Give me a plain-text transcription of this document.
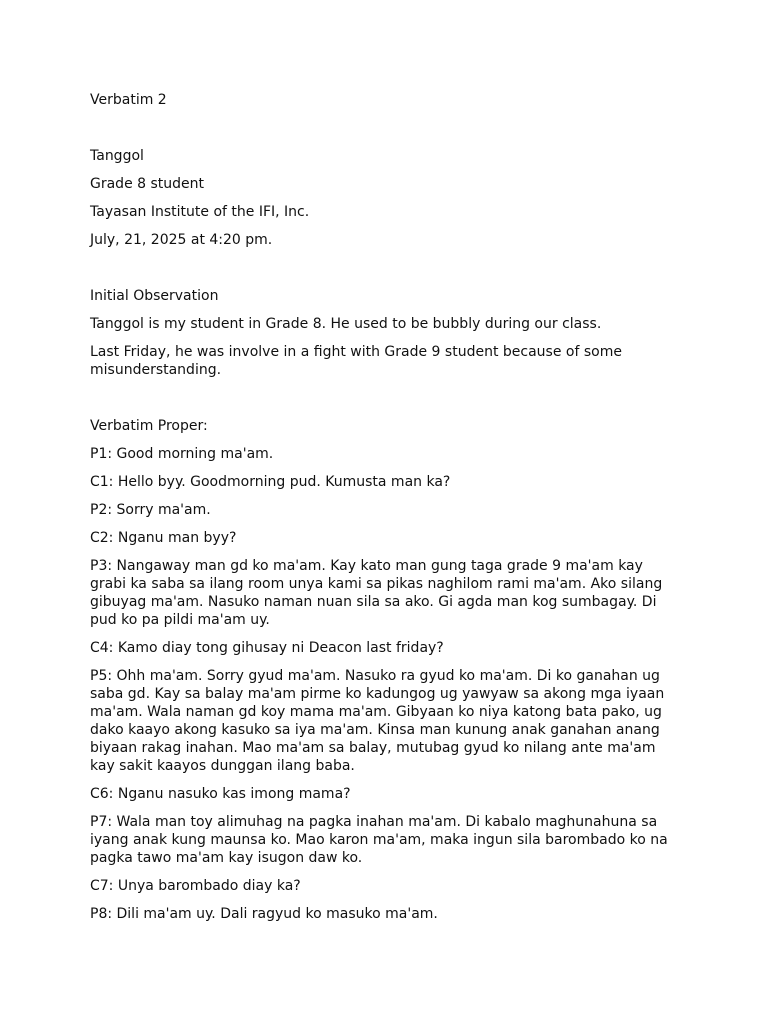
Verbatim 2

Tanggol

Grade 8 student

Tayasan Institute of the IFI, Inc.

July, 21, 2025 at 4:20 pm.

Initial Observation

Tanggol is my student in Grade 8. He used to be bubbly during our class.

Last Friday, he was involve in a fight with Grade 9 student because of some misunderstanding.

Verbatim Proper:

P1: Good morning ma'am.

C1: Hello byy. Goodmorning pud. Kumusta man ka?

P2: Sorry ma'am.

C2: Nganu man byy?

P3: Nangaway man gd ko ma'am. Kay kato man gung taga grade 9 ma'am kay grabi ka saba sa ilang room unya kami sa pikas naghilom rami ma'am. Ako silang gibuyag ma'am. Nasuko naman nuan sila sa ako. Gi agda man kog sumbagay. Di pud ko pa pildi ma'am uy.

C4: Kamo diay tong gihusay ni Deacon last friday?

P5: Ohh ma'am. Sorry gyud ma'am. Nasuko ra gyud ko ma'am. Di ko ganahan ug saba gd. Kay sa balay ma'am pirme ko kadungog ug yawyaw sa akong mga iyaan ma'am. Wala naman gd koy mama ma'am. Gibyaan ko niya katong bata pako, ug dako kaayo akong kasuko sa iya ma'am. Kinsa man kunung anak ganahan anang biyaan rakag inahan. Mao ma'am sa balay, mutubag gyud ko nilang ante ma'am kay sakit kaayos dunggan ilang baba.

C6: Nganu nasuko kas imong mama?

P7: Wala man toy alimuhag na pagka inahan ma'am. Di kabalo maghunahuna sa iyang anak kung maunsa ko. Mao karon ma'am, maka ingun sila barombado ko na pagka tawo ma'am kay isugon daw ko.

C7: Unya barombado diay ka?

P8: Dili ma'am uy. Dali ragyud ko masuko ma'am.
